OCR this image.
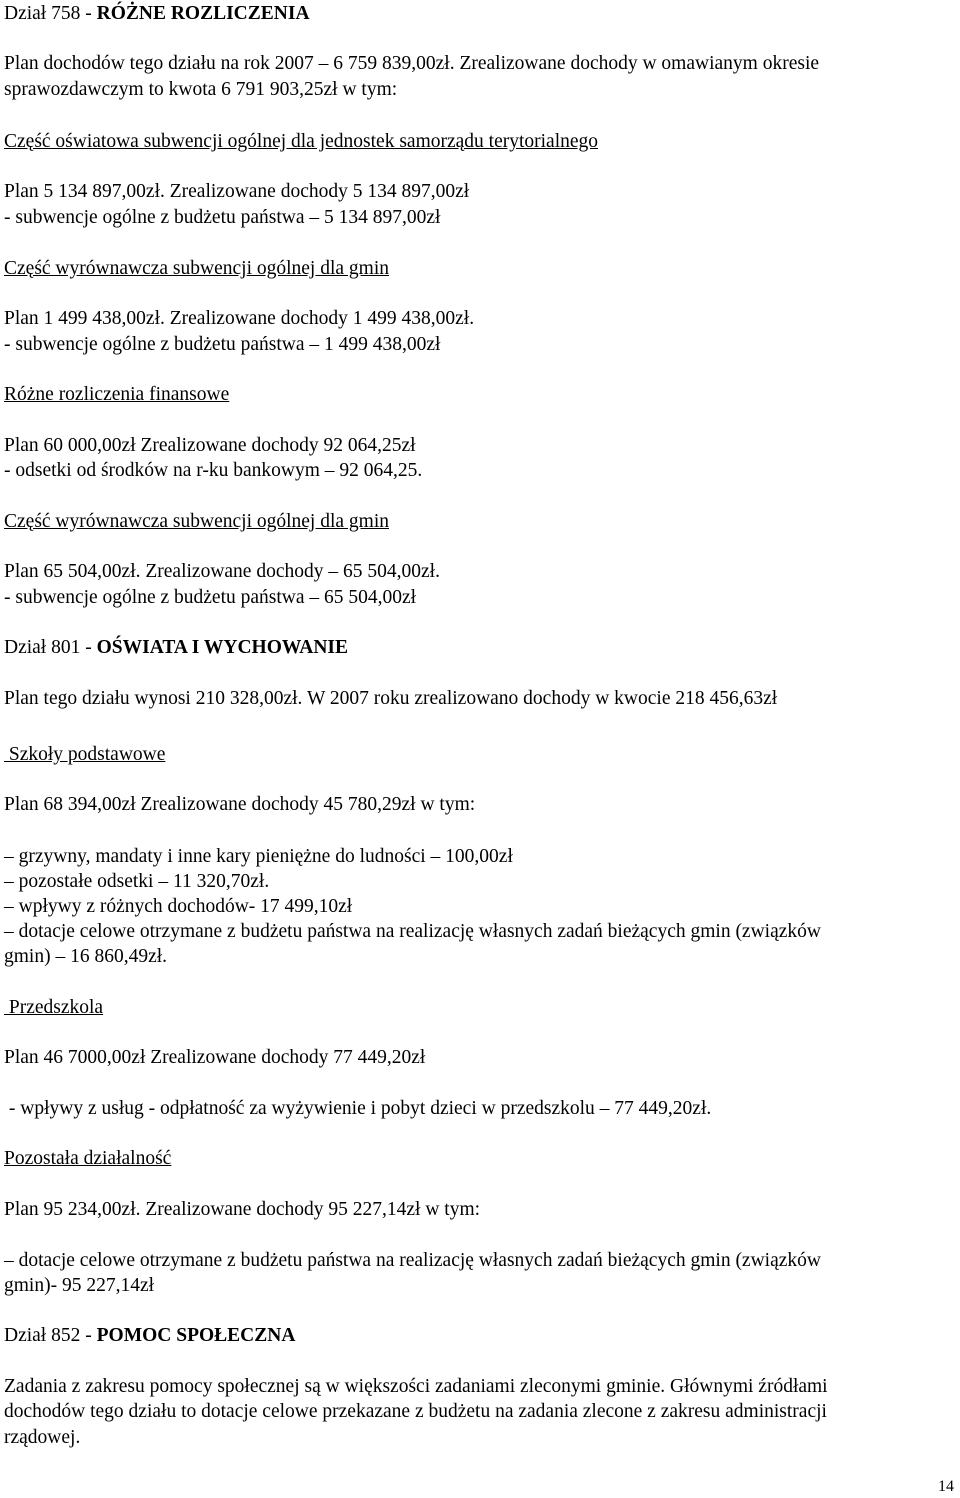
Dział 758 - RÓŻNE ROZLICZENIA
Plan dochodów tego działu na rok 2007 – 6 759 839,00zł. Zrealizowane dochody w omawianym okresie
sprawozdawczym to kwota 6 791 903,25zł w tym:
Część oświatowa subwencji ogólnej dla jednostek samorządu terytorialnego
Plan 5 134 897,00zł. Zrealizowane dochody 5 134 897,00zł
- subwencje ogólne z budżetu państwa – 5 134 897,00zł
Część wyrównawcza subwencji ogólnej dla gmin
Plan 1 499 438,00zł. Zrealizowane dochody 1 499 438,00zł.
- subwencje ogólne z budżetu państwa – 1 499 438,00zł
Różne rozliczenia finansowe
Plan 60 000,00zł Zrealizowane dochody 92 064,25zł
- odsetki od środków na r-ku bankowym – 92 064,25.
Część wyrównawcza subwencji ogólnej dla gmin
Plan 65 504,00zł. Zrealizowane dochody – 65 504,00zł.
- subwencje ogólne z budżetu państwa – 65 504,00zł
Dział 801 - OŚWIATA I WYCHOWANIE
Plan tego działu wynosi 210 328,00zł. W 2007 roku zrealizowano dochody w kwocie 218 456,63zł
Szkoły podstawowe
Plan 68 394,00zł Zrealizowane dochody 45 780,29zł w tym:
– grzywny, mandaty i inne kary pieniężne do ludności – 100,00zł
– pozostałe odsetki – 11 320,70zł.
– wpływy z różnych dochodów- 17 499,10zł
– dotacje celowe otrzymane z budżetu państwa na realizację własnych zadań bieżących gmin (związków
gmin) – 16 860,49zł.
Przedszkola
Plan 46 7000,00zł Zrealizowane dochody 77 449,20zł
- wpływy z usług - odpłatność za wyżywienie i pobyt dzieci w przedszkolu – 77 449,20zł.
Pozostała działalność
Plan 95 234,00zł. Zrealizowane dochody 95 227,14zł w tym:
– dotacje celowe otrzymane z budżetu państwa na realizację własnych zadań bieżących gmin (związków
gmin)- 95 227,14zł
Dział 852 - POMOC SPOŁECZNA
Zadania z zakresu pomocy społecznej są w większości zadaniami zleconymi gminie. Głównymi źródłami
dochodów tego działu to dotacje celowe przekazane z budżetu na zadania zlecone z zakresu administracji
rządowej.
14
